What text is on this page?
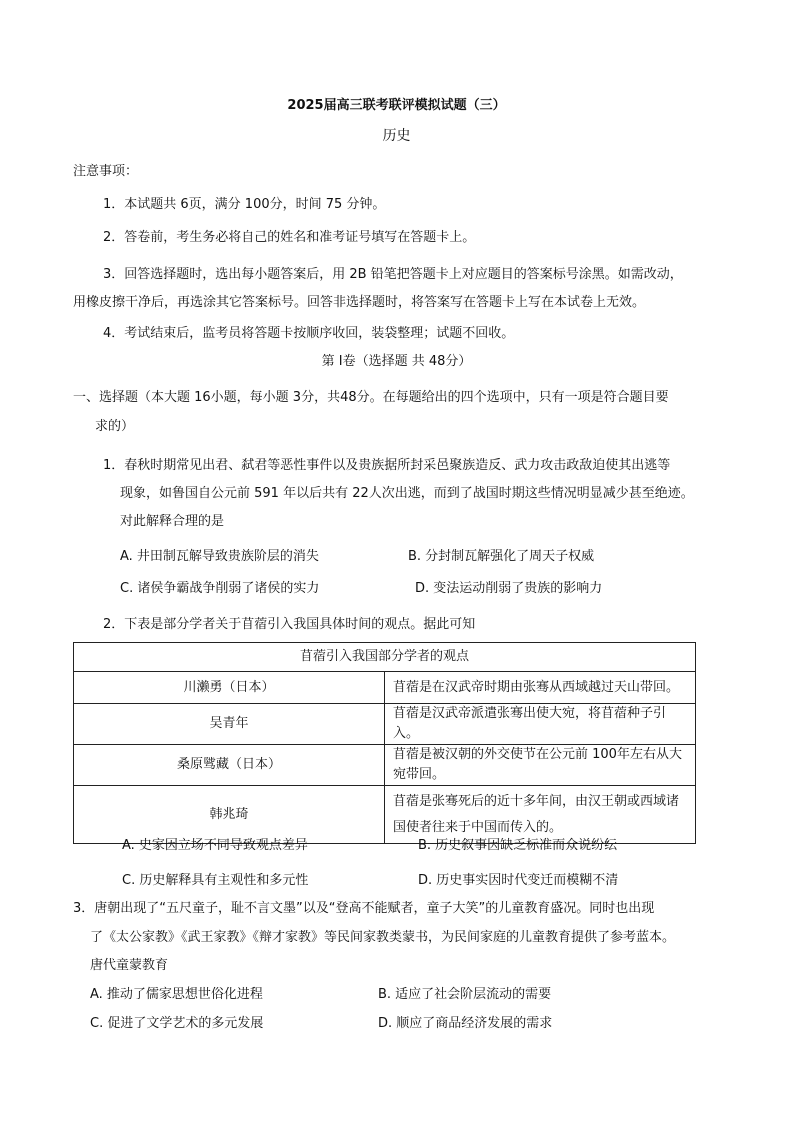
2025届高三联考联评模拟试题（三）
历史
注意事项：
1．本试题共 6页，满分 100分，时间 75 分钟。
2．答卷前，考生务必将自己的姓名和准考证号填写在答题卡上。
3．回答选择题时，选出每小题答案后，用 2B 铅笔把答题卡上对应题目的答案标号涂黑。如需改动，
用橡皮擦干净后，再选涂其它答案标号。回答非选择题时，将答案写在答题卡上写在本试卷上无效。
4．考试结束后，监考员将答题卡按顺序收回，装袋整理；试题不回收。
第 I卷（选择题 共 48分）
一、选择题（本大题 16小题，每小题 3分，共48分。在每题给出的四个选项中，只有一项是符合题目要
求的）
1．春秋时期常见出君、弑君等恶性事件以及贵族据所封采邑聚族造反、武力攻击政敌迫使其出逃等
现象，如鲁国自公元前 591 年以后共有 22人次出逃，而到了战国时期这些情况明显减少甚至绝迹。
对此解释合理的是
A. 井田制瓦解导致贵族阶层的消失	B. 分封制瓦解强化了周天子权威
C. 诸侯争霸战争削弱了诸侯的实力	D. 变法运动削弱了贵族的影响力
2．下表是部分学者关于苜蓿引入我国具体时间的观点。据此可知
苜蓿引入我国部分学者的观点	
川濑勇（日本）	苜蓿是在汉武帝时期由张骞从西域越过天山带回。
吴青年	苜蓿是汉武帝派遣张骞出使大宛，将苜蓿种子引入。
桑原骘藏（日本）	苜蓿是被汉朝的外交使节在公元前 100年左右从大宛带回。
韩兆琦	苜蓿是张骞死后的近十多年间，由汉王朝或西域诸国使者往来于中国而传入的。
A. 史家因立场不同导致观点差异	B. 历史叙事因缺乏标准而众说纷纭
C. 历史解释具有主观性和多元性	D. 历史事实因时代变迁而模糊不清
3．唐朝出现了“五尺童子，耻不言文墨”以及“登高不能赋者，童子大笑”的儿童教育盛况。同时也出现
了《太公家教》《武王家教》《辩才家教》等民间家教类蒙书，为民间家庭的儿童教育提供了参考蓝本。
唐代童蒙教育
A. 推动了儒家思想世俗化进程	B. 适应了社会阶层流动的需要
C. 促进了文学艺术的多元发展	D. 顺应了商品经济发展的需求
